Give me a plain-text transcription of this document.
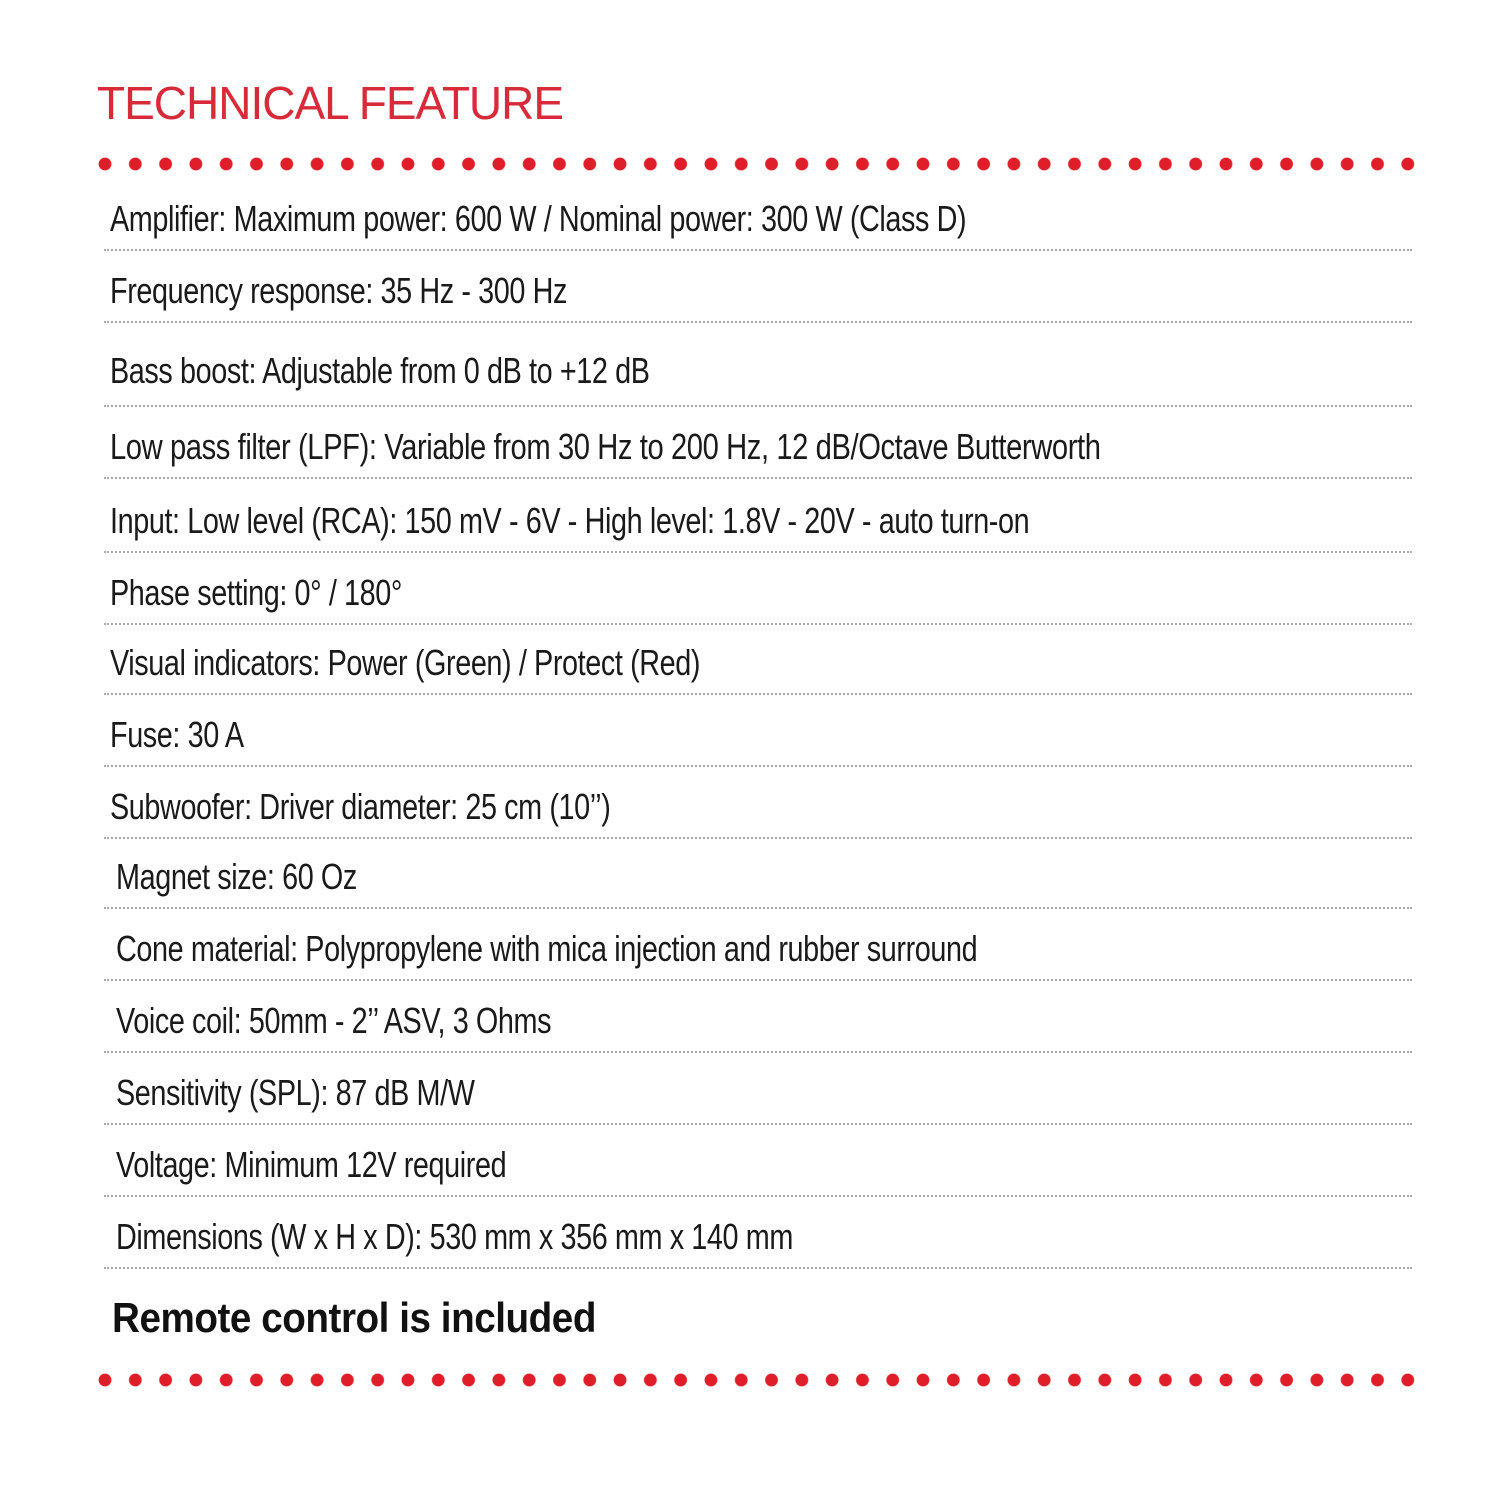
TECHNICAL FEATURE

Amplifier: Maximum power: 600 W / Nominal power: 300 W (Class D)

Frequency response: 35 Hz - 300 Hz

Bass boost: Adjustable from 0 dB to +12 dB

Low pass filter (LPF): Variable from 30 Hz to 200 Hz, 12 dB/Octave Butterworth

Input: Low level (RCA): 150 mV - 6V - High level: 1.8V - 20V - auto turn-on

Phase setting: 0° / 180°

Visual indicators: Power (Green) / Protect (Red)

Fuse: 30 A

Subwoofer: Driver diameter: 25 cm (10’’)

Magnet size: 60 Oz

Cone material: Polypropylene with mica injection and rubber surround

Voice coil: 50mm - 2’’ ASV, 3 Ohms

Sensitivity (SPL): 87 dB M/W

Voltage: Minimum 12V required

Dimensions (W x H x D): 530 mm x 356 mm x 140 mm

Remote control is included
